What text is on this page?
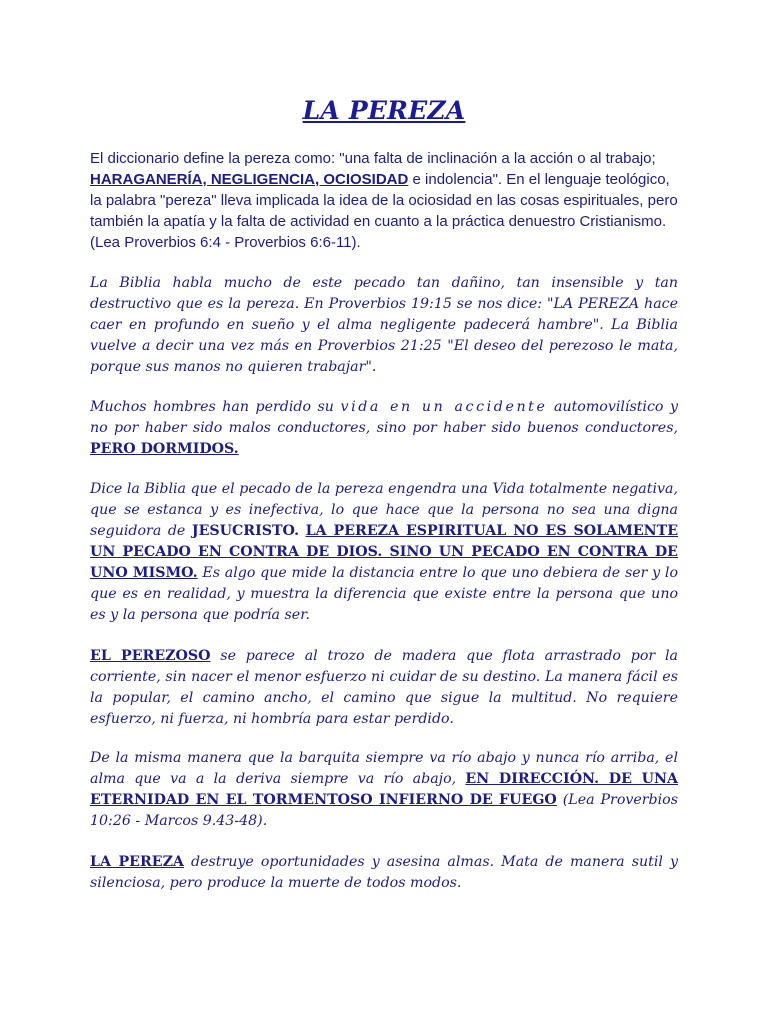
LA PEREZA

El diccionario define la pereza como: "una falta de inclinación a la acción o al trabajo; HARAGANERÍA, NEGLIGENCIA, OCIOSIDAD e indolencia". En el lenguaje teológico, la palabra "pereza" lleva implicada la idea de la ociosidad en las cosas espirituales, pero también la apatía y la falta de actividad en cuanto a la práctica denuestro Cristianismo. (Lea Proverbios 6:4 - Proverbios 6:6-11).

La Biblia habla mucho de este pecado tan dañino, tan insensible y tan destructivo que es la pereza. En Proverbios 19:15 se nos dice: "LA PEREZA hace caer en profundo en sueño y el alma negligente padecerá hambre". La Biblia vuelve a decir una vez más en Proverbios 21:25 "El deseo del perezoso le mata, porque sus manos no quieren trabajar".

Muchos hombres han perdido su vida en un accidente automovilístico y no por haber sido malos conductores, sino por haber sido buenos conductores, PERO DORMIDOS.

Dice la Biblia que el pecado de la pereza engendra una Vida totalmente negativa, que se estanca y es inefectiva, lo que hace que la persona no sea una digna seguidora de JESUCRISTO. LA PEREZA ESPIRITUAL NO ES SOLAMENTE UN PECADO EN CONTRA DE DIOS. SINO UN PECADO EN CONTRA DE UNO MISMO. Es algo que mide la distancia entre lo que uno debiera de ser y lo que es en realidad, y muestra la diferencia que existe entre la persona que uno es y la persona que podría ser.

EL PEREZOSO se parece al trozo de madera que flota arrastrado por la corriente, sin nacer el menor esfuerzo ni cuidar de su destino. La manera fácil es la popular, el camino ancho, el camino que sigue la multitud. No requiere esfuerzo, ni fuerza, ni hombría para estar perdido.

De la misma manera que la barquita siempre va río abajo y nunca río arriba, el alma que va a la deriva siempre va río abajo, EN DIRECCIÓN. DE UNA ETERNIDAD EN EL TORMENTOSO INFIERNO DE FUEGO (Lea Proverbios 10:26 - Marcos 9.43-48).

LA PEREZA destruye oportunidades y asesina almas. Mata de manera sutil y silenciosa, pero produce la muerte de todos modos.
